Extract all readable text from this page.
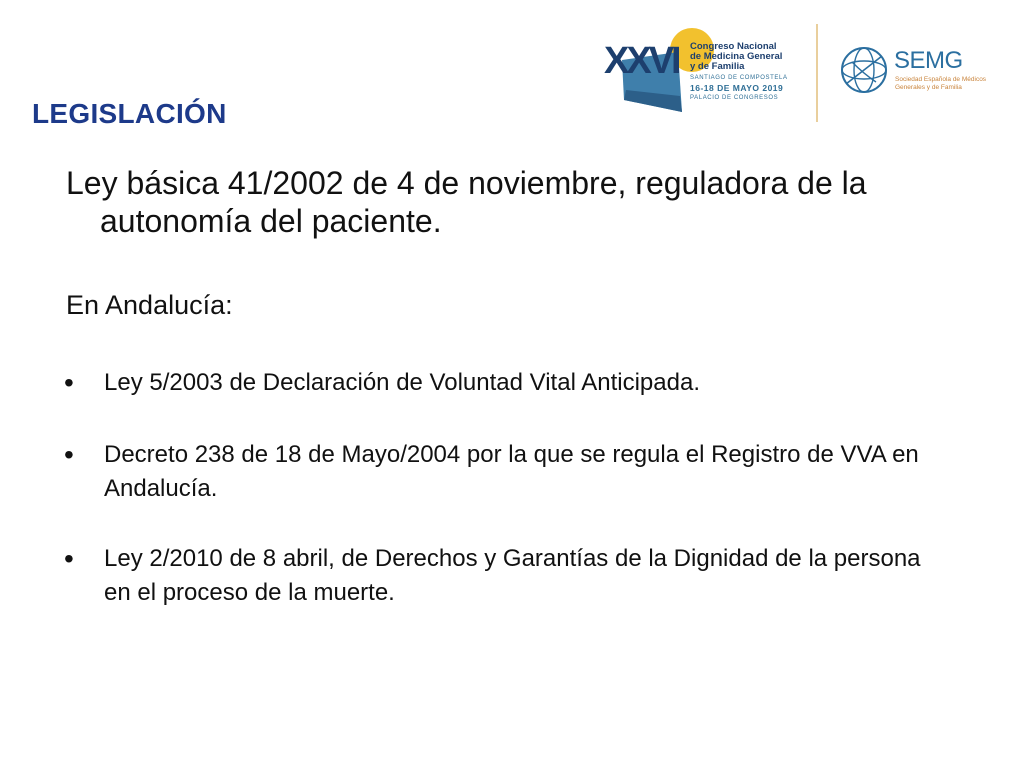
XXVI Congreso Nacional
de Medicina General
y de Familia
SANTIAGO DE COMPOSTELA
16-18 DE MAYO 2019
PALACIO DE CONGRESOS
SEMG
Sociedad Española de Médicos
Generales y de Familia
LEGISLACIÓN

Ley básica 41/2002 de 4 de noviembre, reguladora de la autonomía del paciente.

En Andalucía:

• Ley 5/2003 de Declaración de Voluntad Vital Anticipada.
• Decreto 238 de 18 de Mayo/2004 por la que se regula el Registro de VVA en Andalucía.
• Ley 2/2010 de 8 abril, de Derechos y Garantías de la Dignidad de la persona en el proceso de la muerte.
